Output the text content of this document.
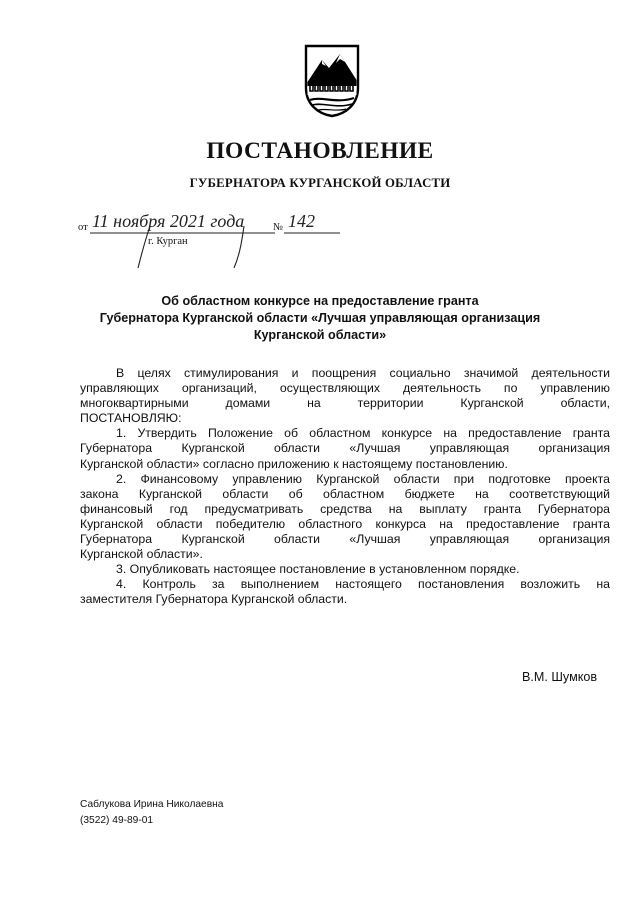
ПОСТАНОВЛЕНИЕ
ГУБЕРНАТОРА КУРГАНСКОЙ ОБЛАСТИ
от 11 ноября 2021 года	№ 142
г. Курган
Об областном конкурсе на предоставление гранта
Губернатора Курганской области «Лучшая управляющая организация
Курганской области»
В целях стимулирования и поощрения социально значимой деятельности
управляющих организаций, осуществляющих деятельность по управлению
многоквартирными домами на территории Курганской области,
ПОСТАНОВЛЯЮ:
1. Утвердить Положение об областном конкурсе на предоставление гранта
Губернатора Курганской области «Лучшая управляющая организация
Курганской области» согласно приложению к настоящему постановлению.
2. Финансовому управлению Курганской области при подготовке проекта
закона Курганской области об областном бюджете на соответствующий
финансовый год предусматривать средства на выплату гранта Губернатора
Курганской области победителю областного конкурса на предоставление гранта
Губернатора Курганской области «Лучшая управляющая организация
Курганской области».
3. Опубликовать настоящее постановление в установленном порядке.
4. Контроль за выполнением настоящего постановления возложить на
заместителя Губернатора Курганской области.
В.М. Шумков
Саблукова Ирина Николаевна
(3522) 49-89-01
